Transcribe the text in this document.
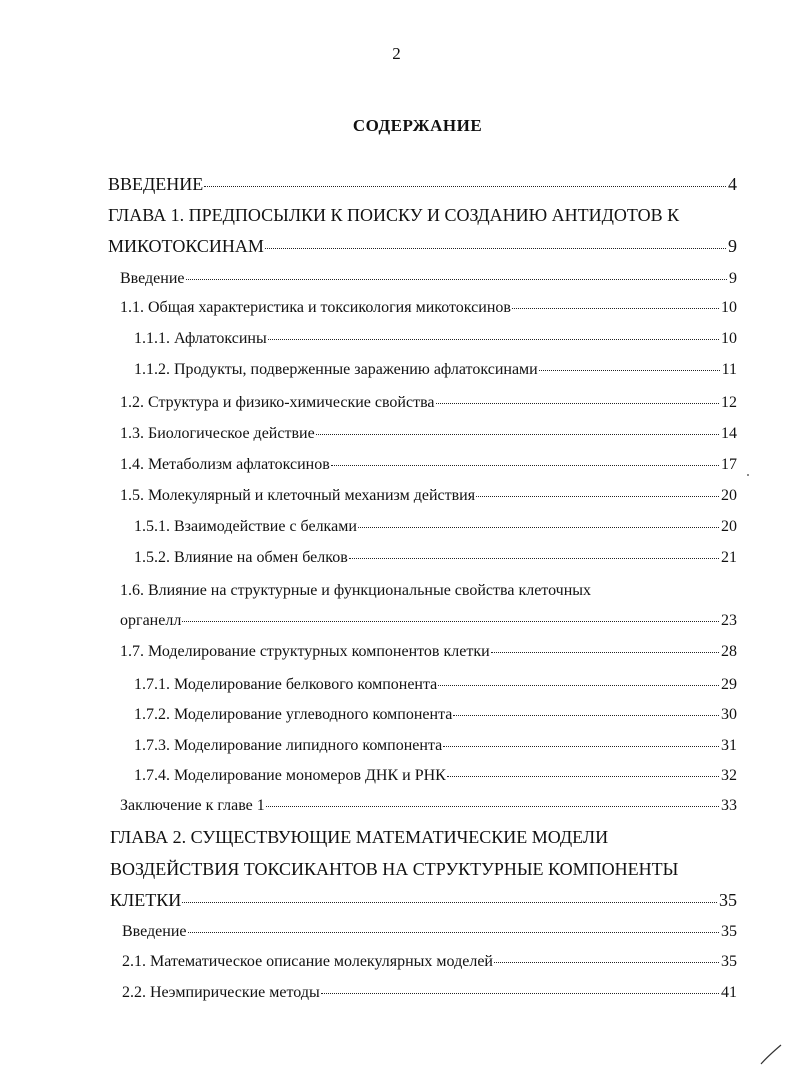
2
СОДЕРЖАНИЕ
ВВЕДЕНИЕ	4
ГЛАВА 1. ПРЕДПОСЫЛКИ К ПОИСКУ И СОЗДАНИЮ АНТИДОТОВ К
МИКОТОКСИНАМ	9
Введение	9
1.1. Общая характеристика и токсикология микотоксинов	10
1.1.1. Афлатоксины	10
1.1.2. Продукты, подверженные заражению афлатоксинами	11
1.2. Структура и физико-химические свойства	12
1.3. Биологическое действие	14
1.4. Метаболизм афлатоксинов	17
1.5. Молекулярный и клеточный механизм действия	20
1.5.1. Взаимодействие с белками	20
1.5.2. Влияние на обмен белков	21
1.6. Влияние на структурные и функциональные свойства клеточных
органелл	23
1.7. Моделирование структурных компонентов клетки	28
1.7.1. Моделирование белкового компонента	29
1.7.2. Моделирование углеводного компонента	30
1.7.3. Моделирование липидного компонента	31
1.7.4. Моделирование мономеров ДНК и РНК	32
Заключение к главе 1	33
ГЛАВА 2. СУЩЕСТВУЮЩИЕ МАТЕМАТИЧЕСКИЕ МОДЕЛИ
ВОЗДЕЙСТВИЯ ТОКСИКАНТОВ НА СТРУКТУРНЫЕ КОМПОНЕНТЫ
КЛЕТКИ	35
Введение	35
2.1. Математическое описание молекулярных моделей	35
2.2. Неэмпирические методы	41
